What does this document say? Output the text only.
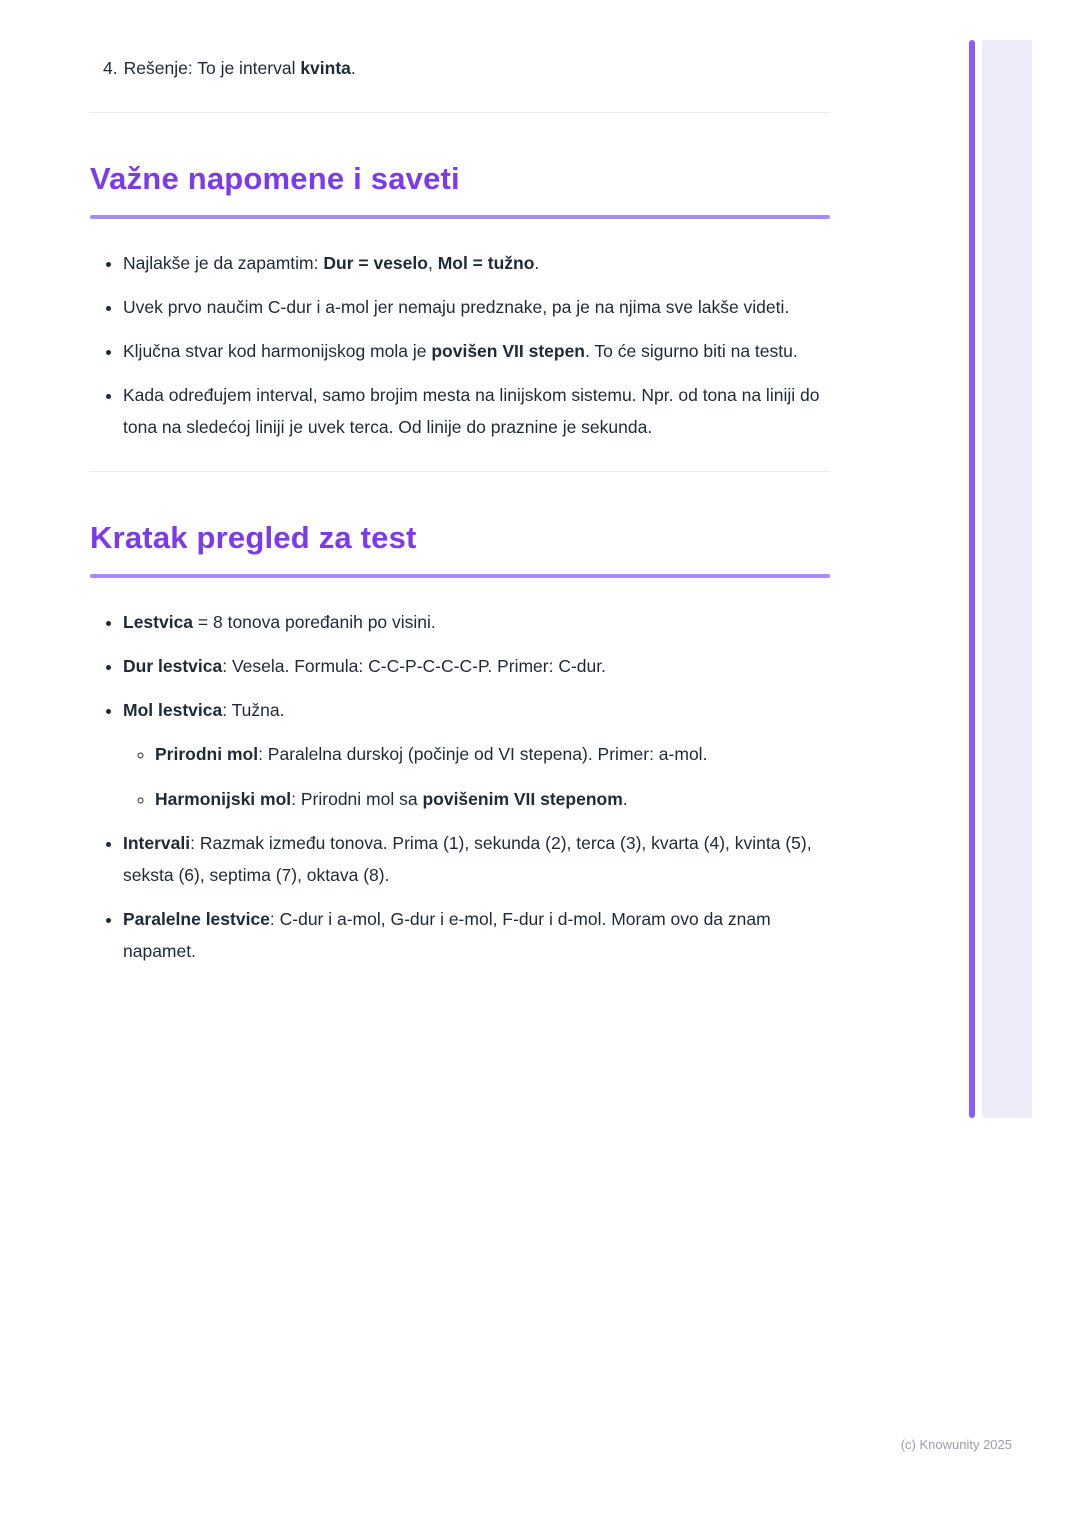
4. Rešenje: To je interval kvinta.
Važne napomene i saveti
• Najlakše je da zapamtim: Dur = veselo, Mol = tužno.
• Uvek prvo naučim C-dur i a-mol jer nemaju predznake, pa je na njima sve lakše videti.
• Ključna stvar kod harmonijskog mola je povišen VII stepen. To će sigurno biti na testu.
• Kada određujem interval, samo brojim mesta na linijskom sistemu. Npr. od tona na liniji do tona na sledećoj liniji je uvek terca. Od linije do praznine je sekunda.
Kratak pregled za test
• Lestvica = 8 tonova poređanih po visini.
• Dur lestvica: Vesela. Formula: C-C-P-C-C-C-P. Primer: C-dur.
• Mol lestvica: Tužna.
◦ Prirodni mol: Paralelna durskoj (počinje od VI stepena). Primer: a-mol.
◦ Harmonijski mol: Prirodni mol sa povišenim VII stepenom.
• Intervali: Razmak između tonova. Prima (1), sekunda (2), terca (3), kvarta (4), kvinta (5), seksta (6), septima (7), oktava (8).
• Paralelne lestvice: C-dur i a-mol, G-dur i e-mol, F-dur i d-mol. Moram ovo da znam napamet.
(c) Knowunity 2025
